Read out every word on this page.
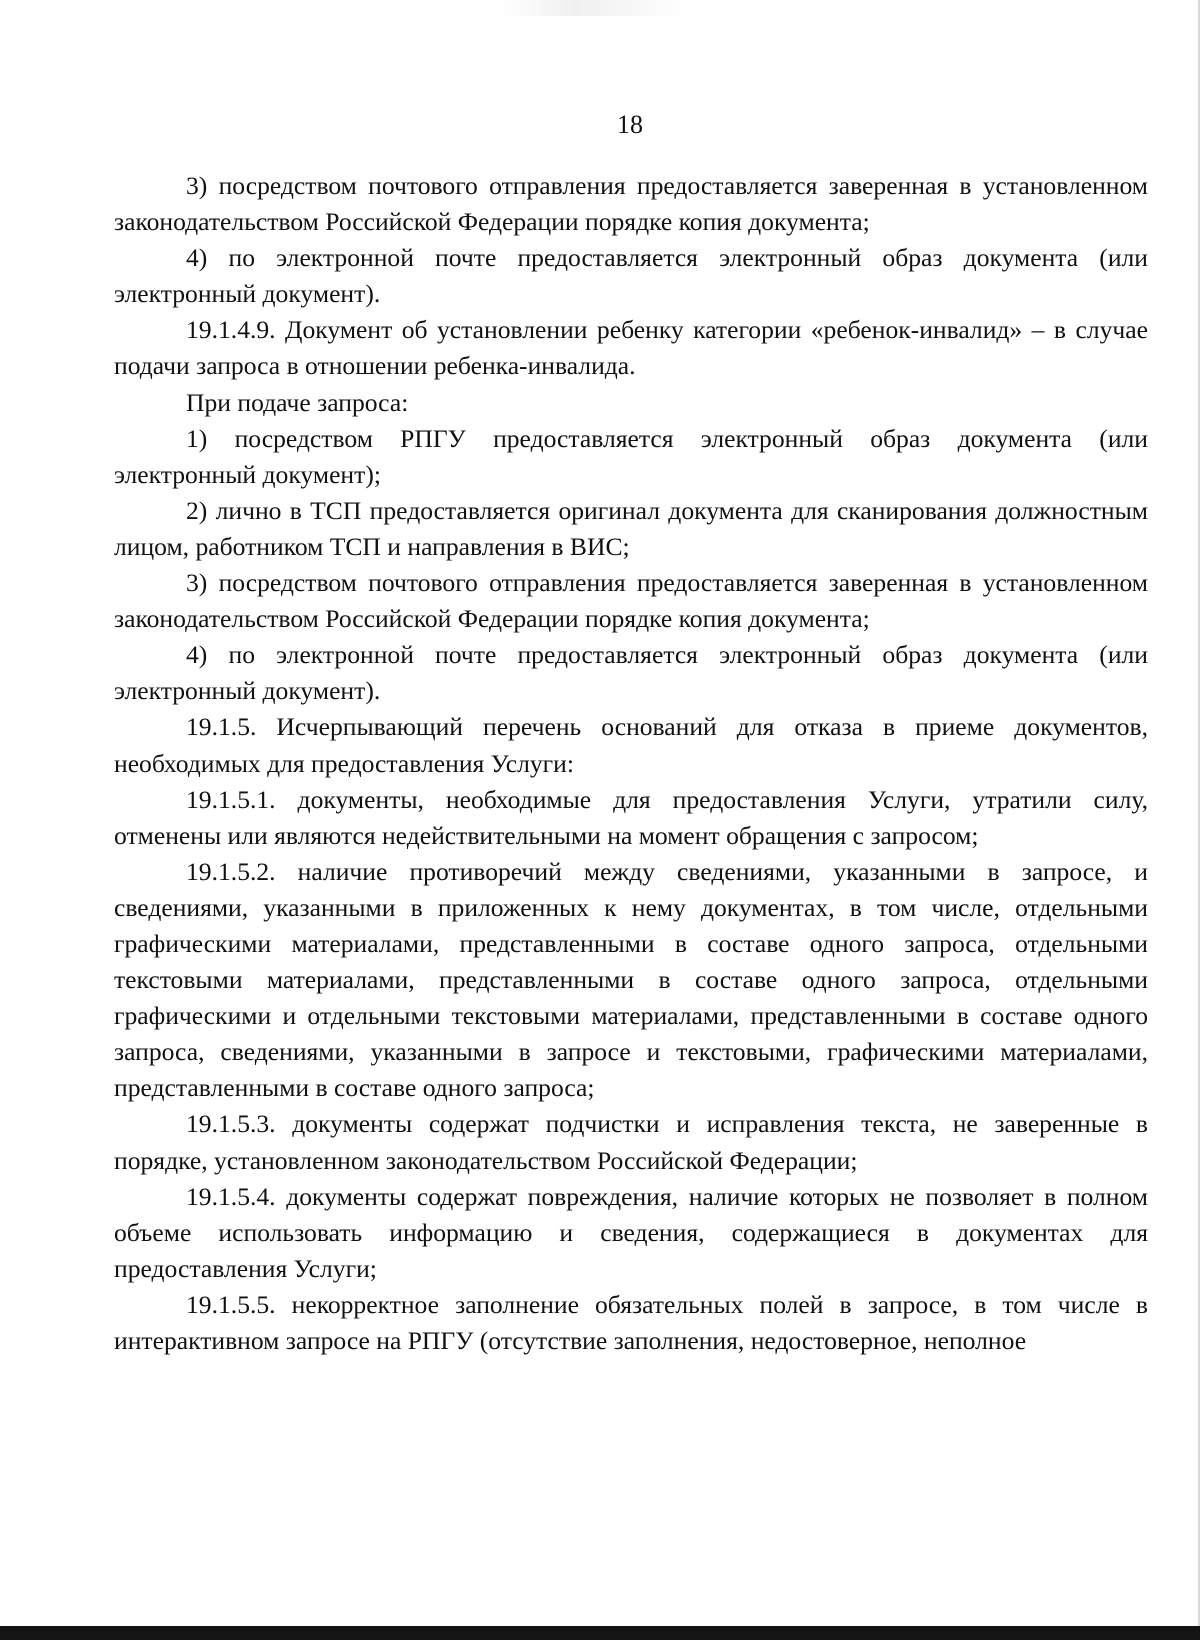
18

3) посредством почтового отправления предоставляется заверенная в установленном законодательством Российской Федерации порядке копия документа;

4) по электронной почте предоставляется электронный образ документа (или электронный документ).

19.1.4.9. Документ об установлении ребенку категории «ребенок-инвалид» – в случае подачи запроса в отношении ребенка-инвалида.

При подаче запроса:

1) посредством РПГУ предоставляется электронный образ документа (или электронный документ);

2) лично в ТСП предоставляется оригинал документа для сканирования должностным лицом, работником ТСП и направления в ВИС;

3) посредством почтового отправления предоставляется заверенная в установленном законодательством Российской Федерации порядке копия документа;

4) по электронной почте предоставляется электронный образ документа (или электронный документ).

19.1.5. Исчерпывающий перечень оснований для отказа в приеме документов, необходимых для предоставления Услуги:

19.1.5.1. документы, необходимые для предоставления Услуги, утратили силу, отменены или являются недействительными на момент обращения с запросом;

19.1.5.2. наличие противоречий между сведениями, указанными в запросе, и сведениями, указанными в приложенных к нему документах, в том числе, отдельными графическими материалами, представленными в составе одного запроса, отдельными текстовыми материалами, представленными в составе одного запроса, отдельными графическими и отдельными текстовыми материалами, представленными в составе одного запроса, сведениями, указанными в запросе и текстовыми, графическими материалами, представленными в составе одного запроса;

19.1.5.3. документы содержат подчистки и исправления текста, не заверенные в порядке, установленном законодательством Российской Федерации;

19.1.5.4. документы содержат повреждения, наличие которых не позволяет в полном объеме использовать информацию и сведения, содержащиеся в документах для предоставления Услуги;

19.1.5.5. некорректное заполнение обязательных полей в запросе, в том числе в интерактивном запросе на РПГУ (отсутствие заполнения, недостоверное, неполное
